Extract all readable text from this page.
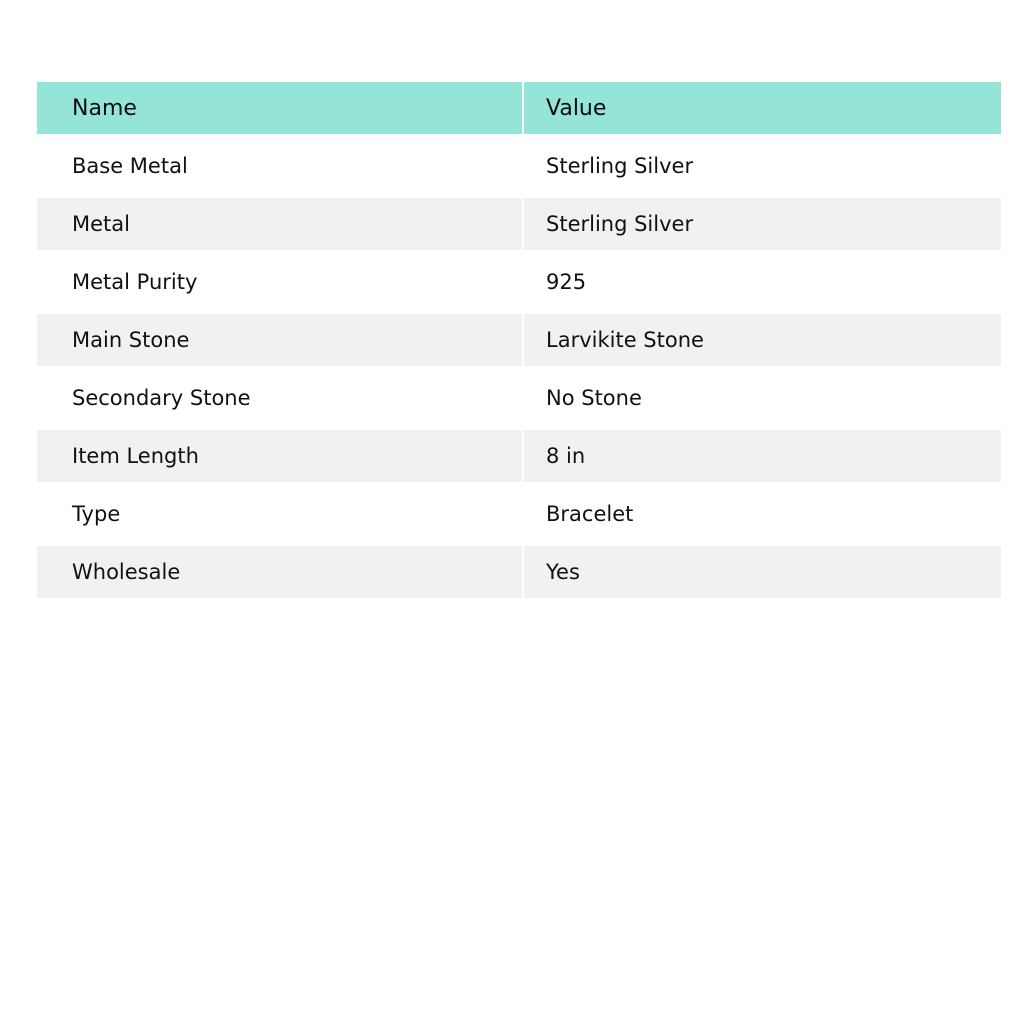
Name	Value
Base Metal	Sterling Silver
Metal	Sterling Silver
Metal Purity	925
Main Stone	Larvikite Stone
Secondary Stone	No Stone
Item Length	8 in
Type	Bracelet
Wholesale	Yes
